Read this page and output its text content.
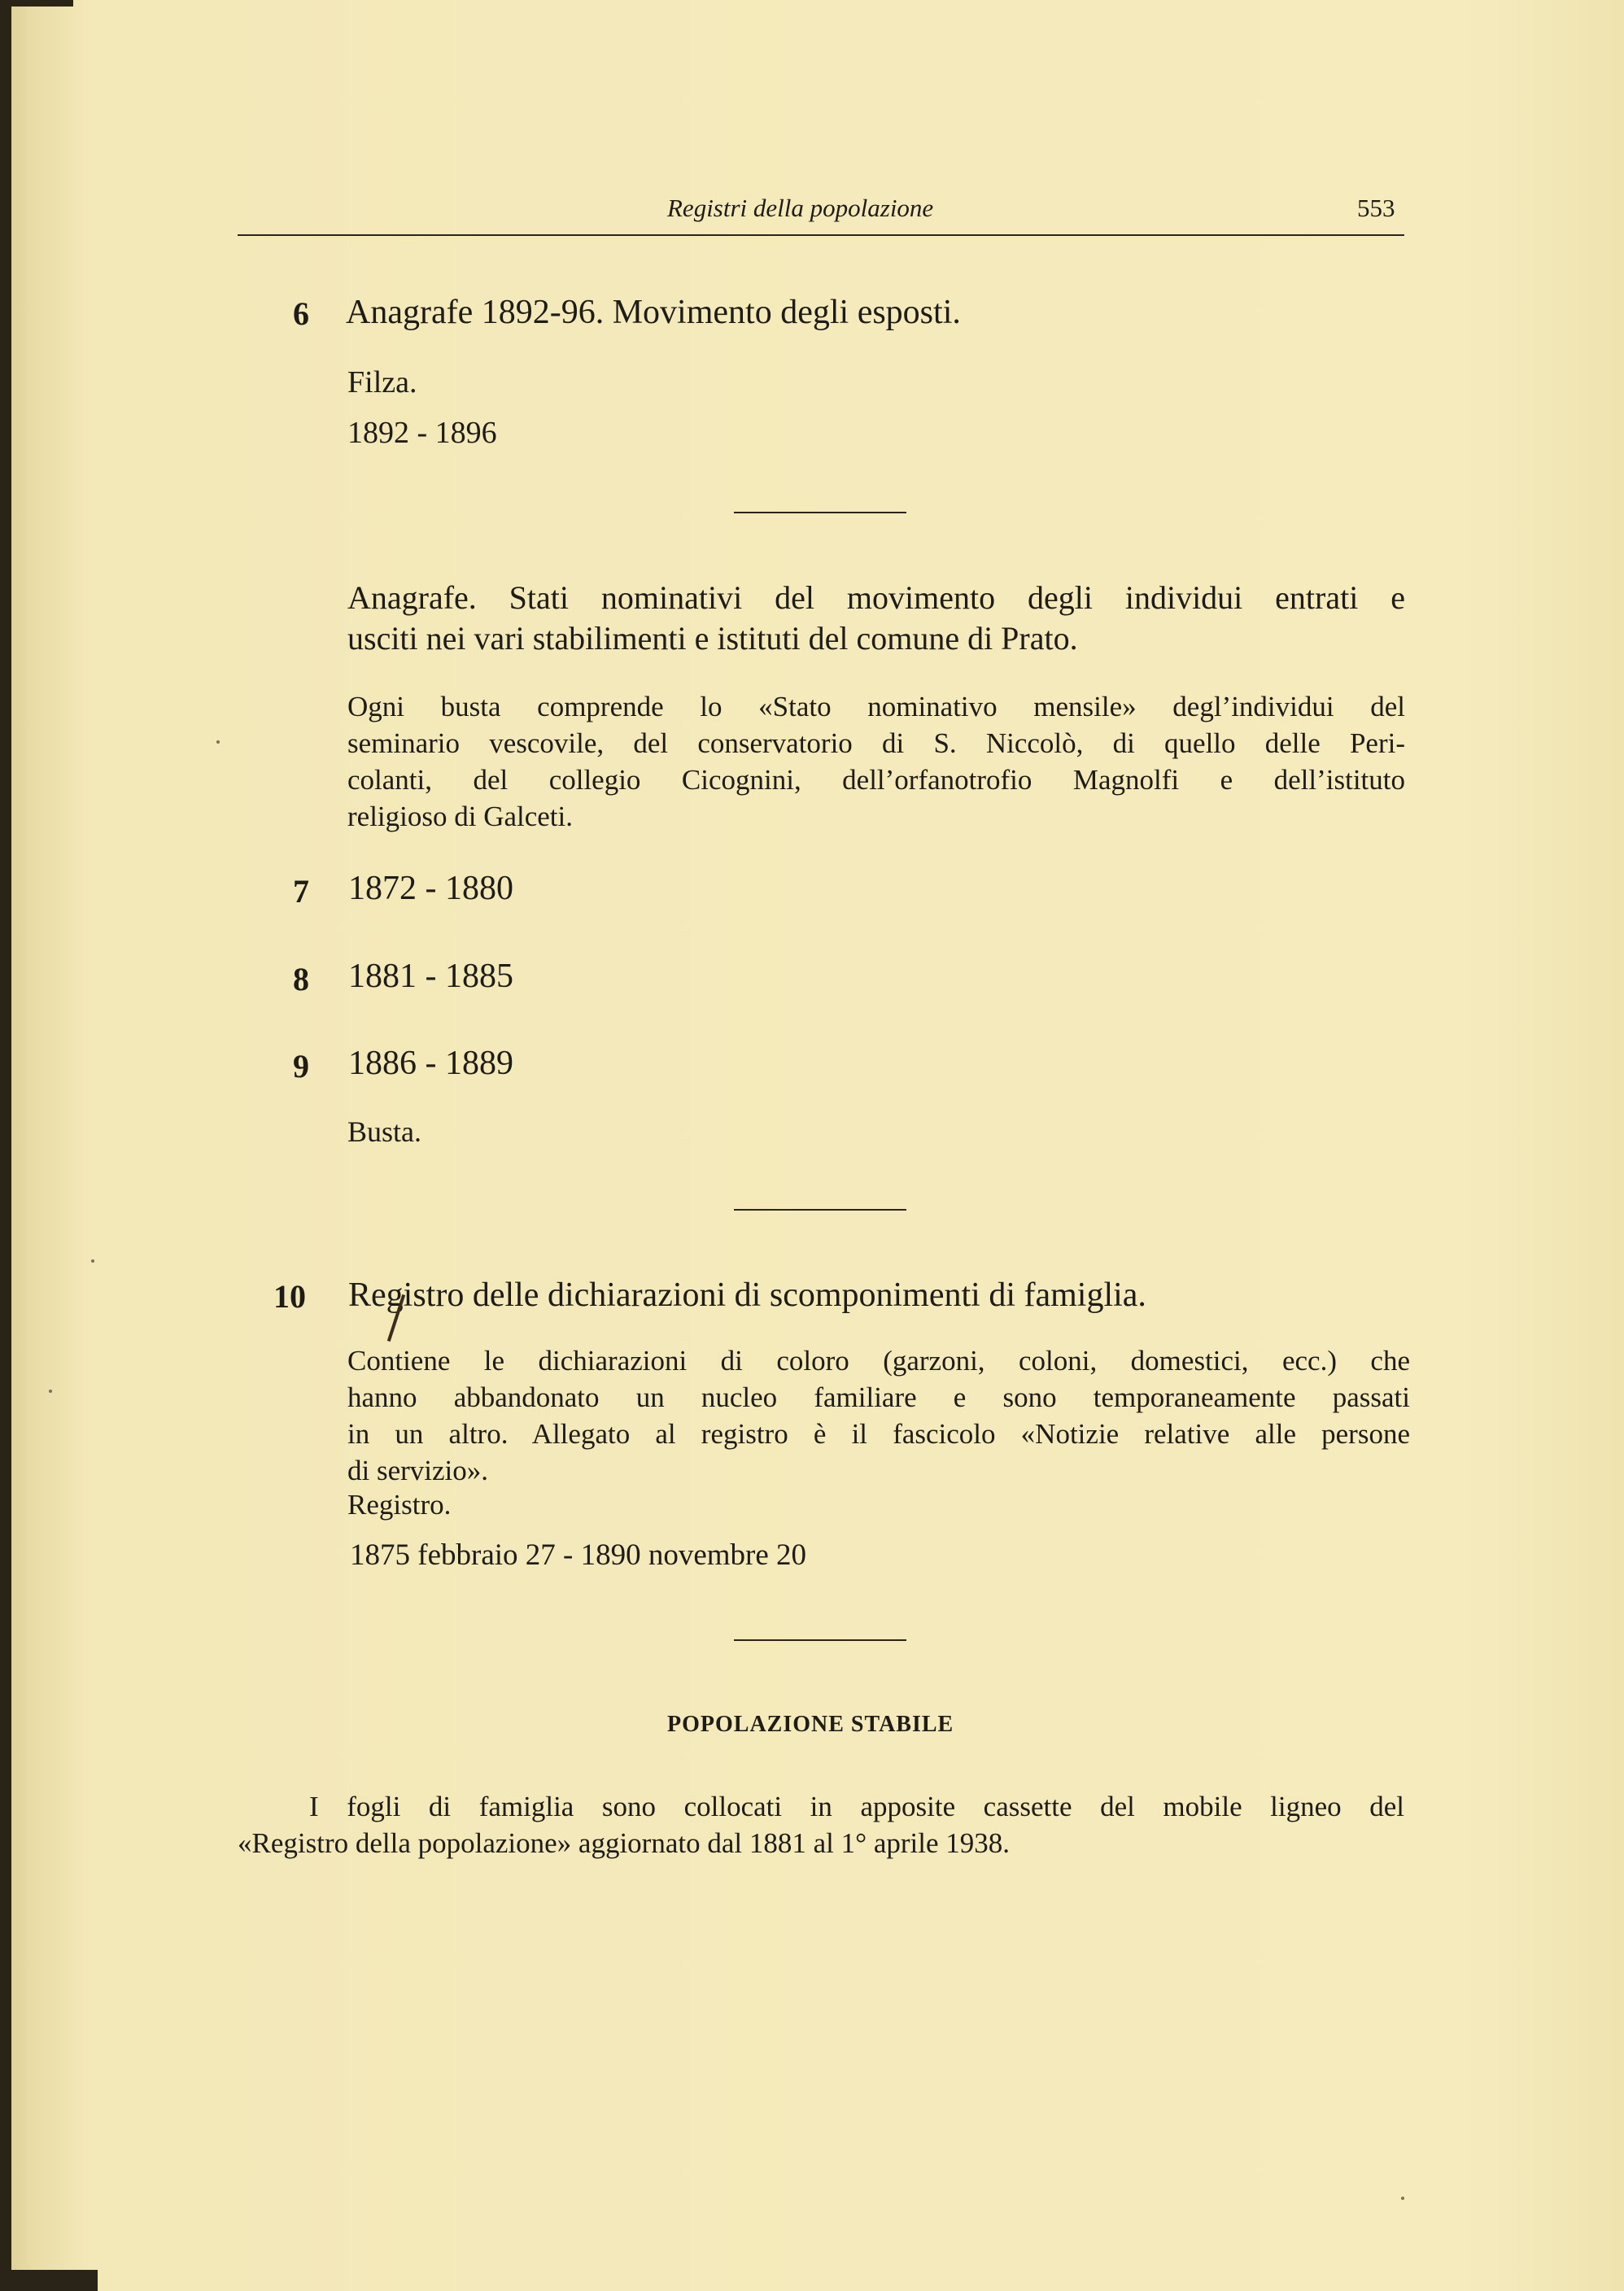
Registri della popolazione	553
6 Anagrafe 1892-96. Movimento degli esposti.
Filza.
1892 - 1896
Anagrafe. Stati nominativi del movimento degli individui entrati e
usciti nei vari stabilimenti e istituti del comune di Prato.
Ogni busta comprende lo «Stato nominativo mensile» degl’individui del
seminario vescovile, del conservatorio di S. Niccolò, di quello delle Peri-
colanti, del collegio Cicognini, dell’orfanotrofio Magnolfi e dell’istituto
religioso di Galceti.
7 1872 - 1880
8 1881 - 1885
9 1886 - 1889
Busta.
10 Registro delle dichiarazioni di scomponimenti di famiglia.
Contiene le dichiarazioni di coloro (garzoni, coloni, domestici, ecc.) che
hanno abbandonato un nucleo familiare e sono temporaneamente passati
in un altro. Allegato al registro è il fascicolo «Notizie relative alle persone
di servizio».
Registro.
1875 febbraio 27 - 1890 novembre 20
POPOLAZIONE STABILE
I fogli di famiglia sono collocati in apposite cassette del mobile ligneo del
«Registro della popolazione» aggiornato dal 1881 al 1° aprile 1938.
